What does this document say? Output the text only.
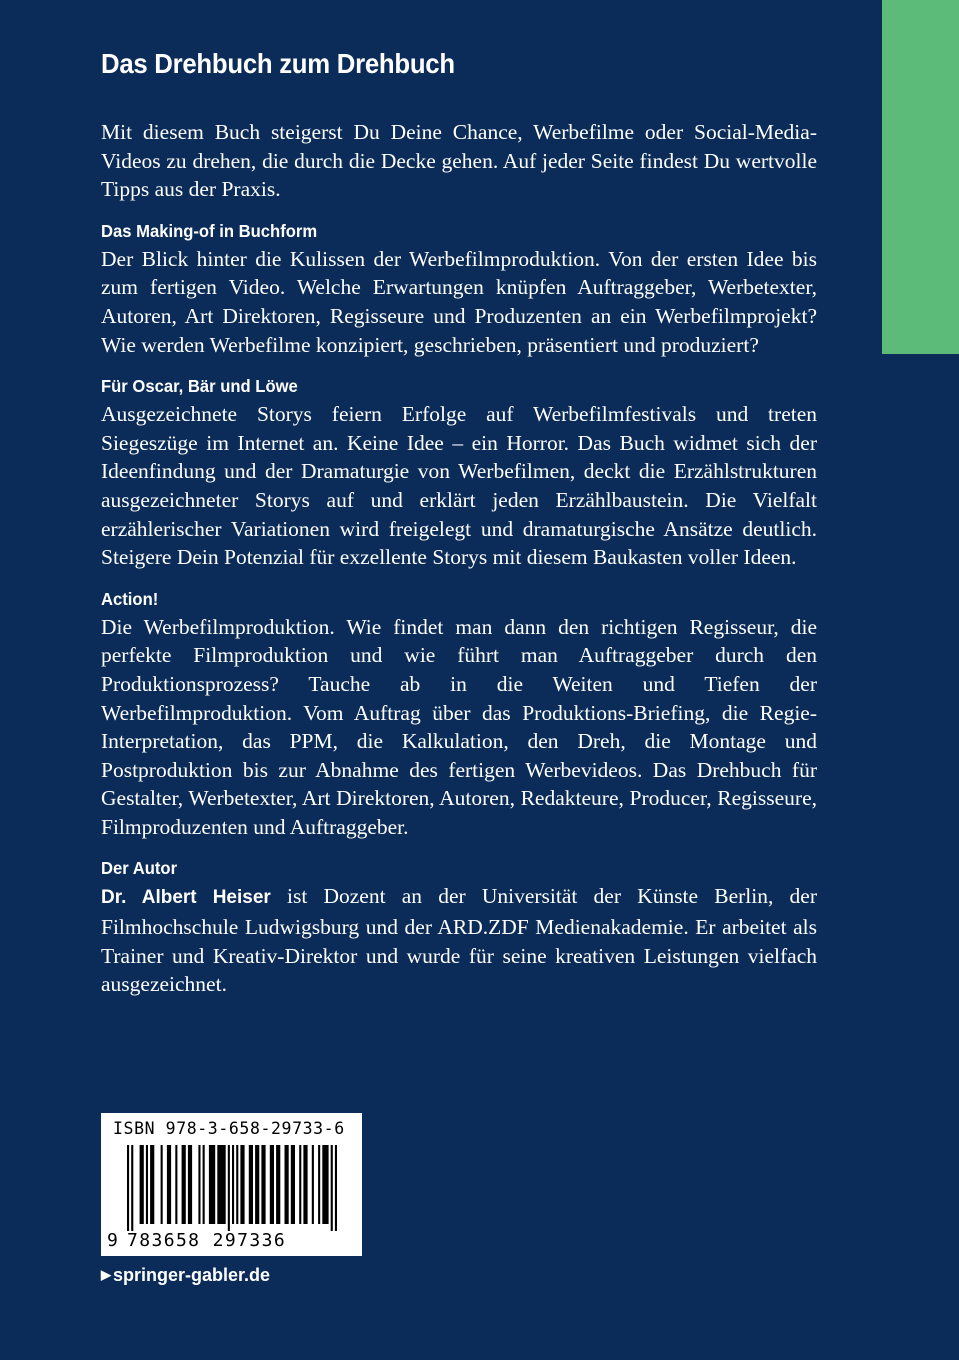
Das Drehbuch zum Drehbuch

Mit diesem Buch steigerst Du Deine Chance, Werbefilme oder Social-Media-Videos zu drehen, die durch die Decke gehen. Auf jeder Seite findest Du wertvolle Tipps aus der Praxis.

Das Making-of in Buchform

Der Blick hinter die Kulissen der Werbefilmproduktion. Von der ersten Idee bis zum fertigen Video. Welche Erwartungen knüpfen Auftraggeber, Werbetexter, Autoren, Art Direktoren, Regisseure und Produzenten an ein Werbefilmprojekt? Wie werden Werbefilme konzipiert, geschrieben, präsentiert und produziert?

Für Oscar, Bär und Löwe

Ausgezeichnete Storys feiern Erfolge auf Werbefilmfestivals und treten Siegeszüge im Internet an. Keine Idee – ein Horror. Das Buch widmet sich der Ideenfindung und der Dramaturgie von Werbefilmen, deckt die Erzählstrukturen ausgezeichneter Storys auf und erklärt jeden Erzählbaustein. Die Vielfalt erzählerischer Variationen wird freigelegt und dramaturgische Ansätze deutlich. Steigere Dein Potenzial für exzellente Storys mit diesem Baukasten voller Ideen.

Action!

Die Werbefilmproduktion. Wie findet man dann den richtigen Regisseur, die perfekte Filmproduktion und wie führt man Auftraggeber durch den Produktionsprozess? Tauche ab in die Weiten und Tiefen der Werbefilmproduktion. Vom Auftrag über das Produktions-Briefing, die Regie-Interpretation, das PPM, die Kalkulation, den Dreh, die Montage und Postproduktion bis zur Abnahme des fertigen Werbevideos. Das Drehbuch für Gestalter, Werbetexter, Art Direktoren, Autoren, Redakteure, Producer, Regisseure, Filmproduzenten und Auftraggeber.

Der Autor

Dr. Albert Heiser ist Dozent an der Universität der Künste Berlin, der Filmhochschule Ludwigsburg und der ARD.ZDF Medienakademie. Er arbeitet als Trainer und Kreativ-Direktor und wurde für seine kreativen Leistungen vielfach ausgezeichnet.

ISBN 978-3-658-29733-6
9 783658 297336
▶ springer-gabler.de
